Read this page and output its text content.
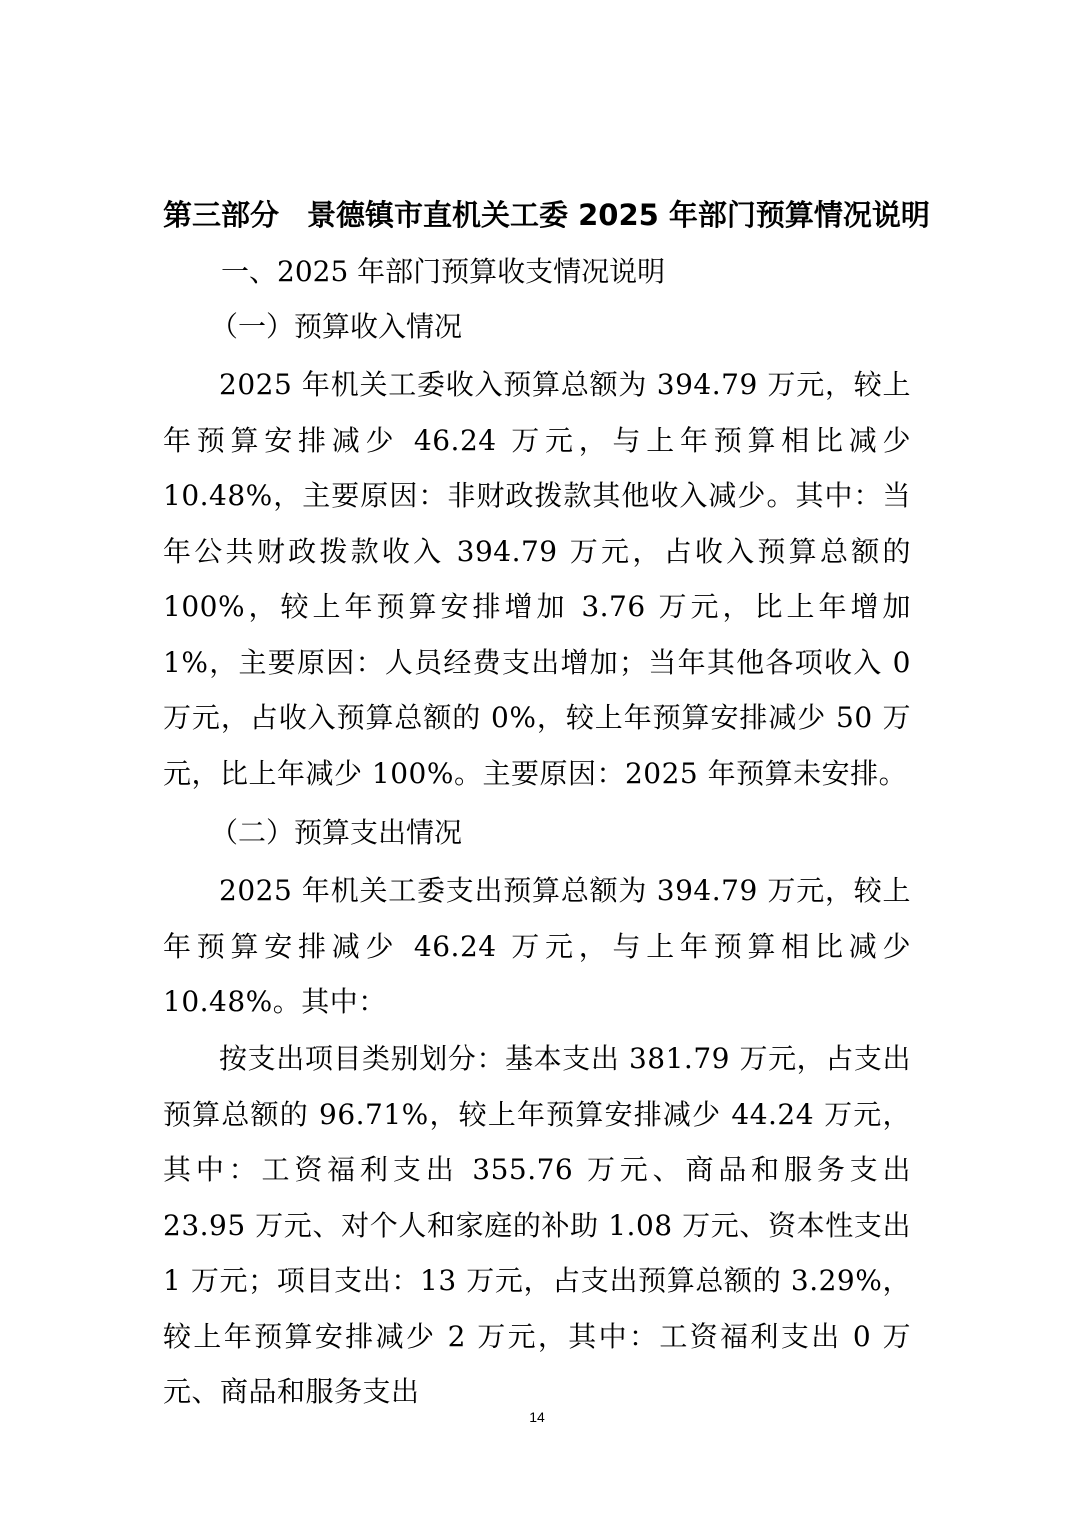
第三部分 景德镇市直机关工委 2025 年部门预算情况说明
一、2025 年部门预算收支情况说明
（一）预算收入情况
2025 年机关工委收入预算总额为 394.79 万元，较上年预算安排减少 46.24 万元，与上年预算相比减少 10.48%，主要原因：非财政拨款其他收入减少。其中：当年公共财政拨款收入 394.79 万元，占收入预算总额的 100%，较上年预算安排增加 3.76 万元，比上年增加 1%，主要原因：人员经费支出增加；当年其他各项收入 0 万元，占收入预算总额的 0%，较上年预算安排减少 50 万元，比上年减少 100%。主要原因：2025 年预算未安排。
（二）预算支出情况
2025 年机关工委支出预算总额为 394.79 万元，较上年预算安排减少 46.24 万元，与上年预算相比减少 10.48%。其中：
按支出项目类别划分：基本支出 381.79 万元，占支出预算总额的 96.71%，较上年预算安排减少 44.24 万元，其中：工资福利支出 355.76 万元、商品和服务支出 23.95 万元、对个人和家庭的补助 1.08 万元、资本性支出 1 万元；项目支出：13 万元，占支出预算总额的 3.29%，较上年预算安排减少 2 万元，其中：工资福利支出 0 万元、商品和服务支出
14
